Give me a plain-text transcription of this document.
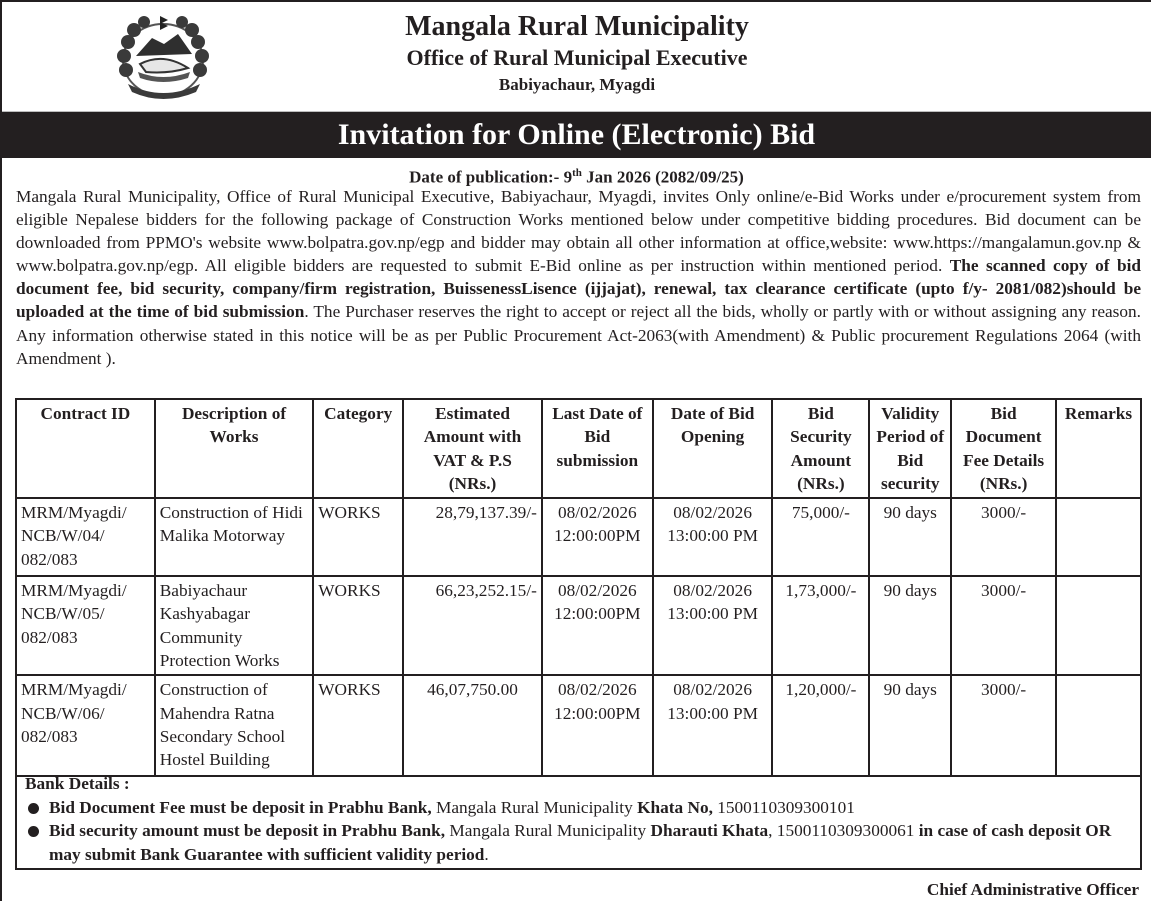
Mangala Rural Municipality
Office of Rural Municipal Executive
Babiyachaur, Myagdi
Invitation for Online (Electronic) Bid
Date of publication:- 9th Jan 2026 (2082/09/25)
Mangala Rural Municipality, Office of Rural Municipal Executive, Babiyachaur, Myagdi, invites Only online/e-Bid Works under e/procurement system from eligible Nepalese bidders for the following package of Construction Works mentioned below under competitive bidding procedures. Bid document can be downloaded from PPMO's website www.bolpatra.gov.np/egp and bidder may obtain all other information at office,website: www.https://mangalamun.gov.np & www.bolpatra.gov.np/egp. All eligible bidders are requested to submit E-Bid online as per instruction within mentioned period. The scanned copy of bid document fee, bid security, company/firm registration, BuissenessLisence (ijjajat), renewal, tax clearance certificate (upto f/y- 2081/082)should be uploaded at the time of bid submission. The Purchaser reserves the right to accept or reject all the bids, wholly or partly with or without assigning any reason. Any information otherwise stated in this notice will be as per Public Procurement Act-2063(with Amendment) & Public procurement Regulations 2064 (with Amendment ).
Contract ID	Description of Works	Category	Estimated Amount with VAT & P.S (NRs.)	Last Date of Bid submission	Date of Bid Opening	Bid Security Amount (NRs.)	Validity Period of Bid security	Bid Document Fee Details (NRs.)	Remarks
MRM/Myagdi/ NCB/W/04/ 082/083	Construction of Hidi Malika Motorway	WORKS	28,79,137.39/-	08/02/2026 12:00:00PM	08/02/2026 13:00:00 PM	75,000/-	90 days	3000/-	
MRM/Myagdi/ NCB/W/05/ 082/083	Babiyachaur Kashyabagar Community Protection Works	WORKS	66,23,252.15/-	08/02/2026 12:00:00PM	08/02/2026 13:00:00 PM	1,73,000/-	90 days	3000/-	
MRM/Myagdi/ NCB/W/06/ 082/083	Construction of Mahendra Ratna Secondary School Hostel Building	WORKS	46,07,750.00	08/02/2026 12:00:00PM	08/02/2026 13:00:00 PM	1,20,000/-	90 days	3000/-	
Bank Details :
Bid Document Fee must be deposit in Prabhu Bank, Mangala Rural Municipality Khata No, 1500110309300101
Bid security amount must be deposit in Prabhu Bank, Mangala Rural Municipality Dharauti Khata, 1500110309300061 in case of cash deposit OR may submit Bank Guarantee with sufficient validity period.
Chief Administrative Officer
